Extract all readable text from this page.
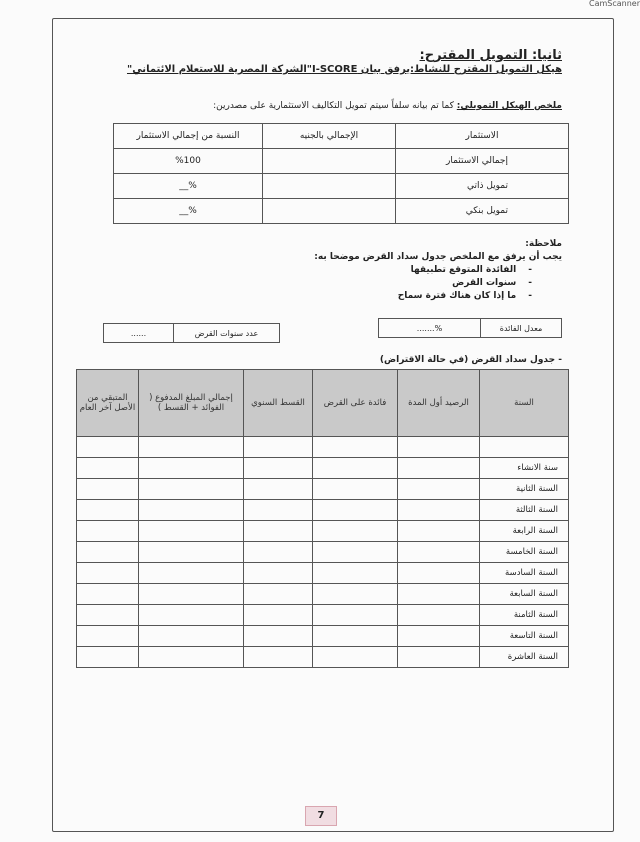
CamScanner
ثانيا: التمويل المقترح:
هيكل التمويل المقترح للنشاط:يرفق بيان I-SCORE"الشركة المصرية للاستعلام الائتماني"
ملخص الهيكل التمويلي: كما تم بيانه سلفاً سيتم تمويل التكاليف الاستثمارية على مصدرين:
الاستثمار	الإجمالي بالجنيه	النسبة من إجمالي الاستثمار
إجمالي الاستثمار		%100
تمويل ذاتي		%__
تمويل بنكي		%__
ملاحظة:
يجب أن يرفق مع الملخص جدول سداد القرض موضحا به:
- الفائدة المتوقع تطبيقها
- سنوات القرض
- ما إذا كان هناك فترة سماح
معدل الفائدة
%.......
عدد سنوات القرض
......
- جدول سداد القرض (في حالة الاقتراض)
السنة	الرصيد أول المدة	فائدة على القرض	القسط السنوي	إجمالي المبلغ المدفوع ( الفوائد + القسط )	المتبقي من الأصل آخر العام

سنة الانشاء					
السنة الثانية					
السنة الثالثة					
السنة الرابعة					
السنة الخامسة					
السنة السادسة					
السنة السابعة					
السنة الثامنة					
السنة التاسعة					
السنة العاشرة					
7
